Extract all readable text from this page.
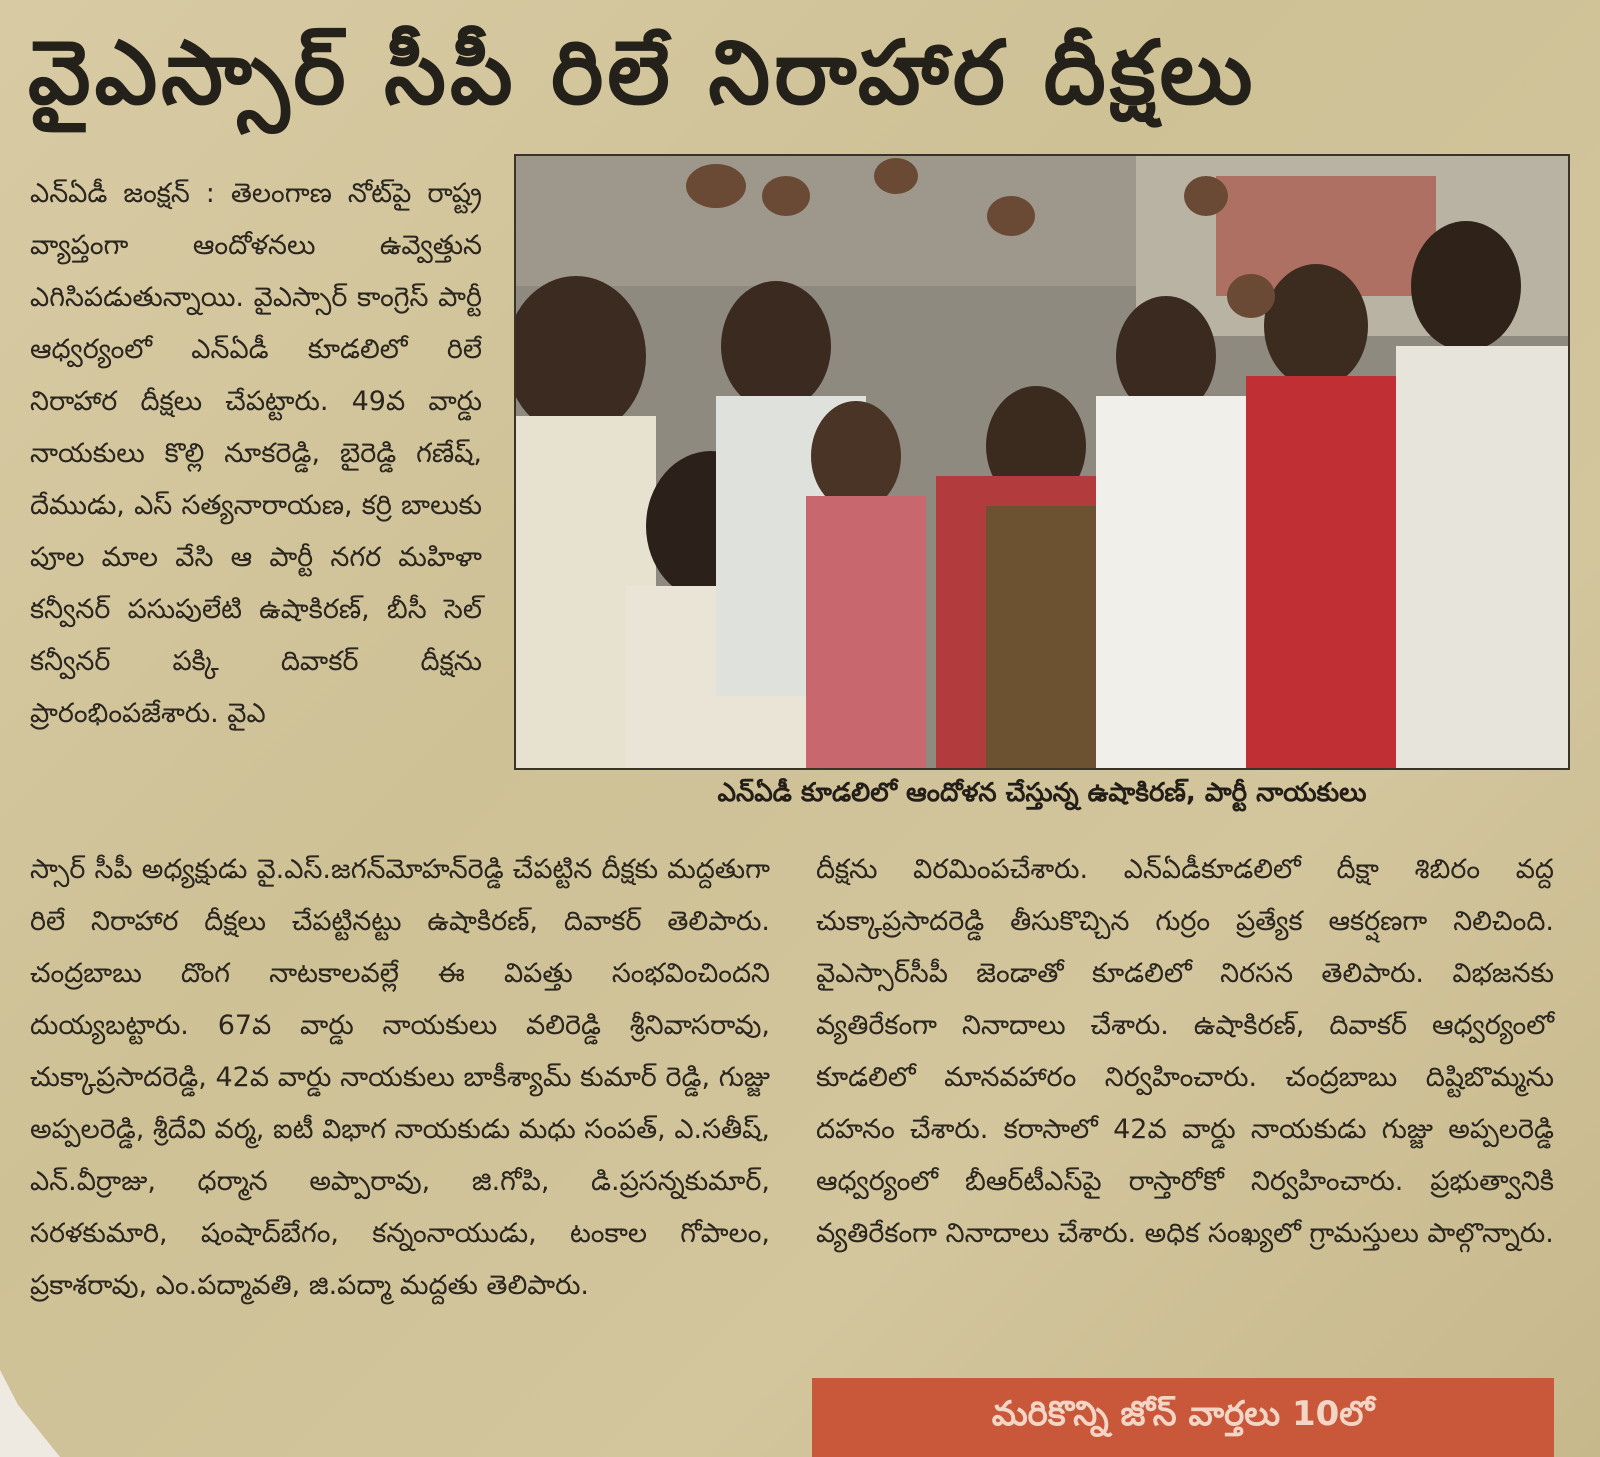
వైఎస్సార్ సీపీ రిలే నిరాహార దీక్షలు
ఎన్‌ఏడీ జంక్షన్ : తెలంగాణ నోట్‌పై రాష్ట్ర వ్యాప్తంగా ఆందోళనలు ఉవ్వెత్తున ఎగిసిపడుతున్నాయి. వైఎస్సార్ కాంగ్రెస్ పార్టీ ఆధ్వర్యంలో ఎన్‌ఏడీ కూడలిలో రిలే నిరాహార దీక్షలు చేపట్టారు. 49వ వార్డు నాయకులు కొల్లి నూకరెడ్డి, బైరెడ్డి గణేష్, దేముడు, ఎస్ సత్యనారాయణ, కర్రి బాలుకు పూల మాల వేసి ఆ పార్టీ నగర మహిళా కన్వీనర్ పసుపులేటి ఉషాకిరణ్, బీసీ సెల్ కన్వీనర్ పక్కి దివాకర్ దీక్షను ప్రారంభింపజేశారు. వైఎ
ఎన్‌ఏడీ కూడలిలో ఆందోళన చేస్తున్న ఉషాకిరణ్, పార్టీ నాయకులు
స్సార్ సీపీ అధ్యక్షుడు వై.ఎస్.జగన్‌మోహన్‌రెడ్డి చేపట్టిన దీక్షకు మద్దతుగా రిలే నిరాహార దీక్షలు చేపట్టినట్టు ఉషాకిరణ్, దివాకర్ తెలిపారు. చంద్రబాబు దొంగ నాటకాలవల్లే ఈ విపత్తు సంభవించిందని దుయ్యబట్టారు. 67వ వార్డు నాయకులు వలిరెడ్డి శ్రీనివాసరావు, చుక్కాప్రసాదరెడ్డి, 42వ వార్డు నాయకులు బాకీశ్యామ్ కుమార్ రెడ్డి, గుజ్జు అప్పలరెడ్డి, శ్రీదేవి వర్మ, ఐటీ విభాగ నాయకుడు మధు సంపత్, ఎ.సతీష్, ఎన్.వీర్రాజు, ధర్మాన అప్పారావు, జి.గోపి, డి.ప్రసన్నకుమార్, సరళకుమారి, షంషాద్‌బేగం, కన్నంనాయుడు, టంకాల గోపాలం, ప్రకాశరావు, ఎం.పద్మావతి, జి.పద్మా మద్దతు తెలిపారు.
దీక్షను విరమింపచేశారు. ఎన్‌ఏడీకూడలిలో దీక్షా శిబిరం వద్ద చుక్కాప్రసాదరెడ్డి తీసుకొచ్చిన గుర్రం ప్రత్యేక ఆకర్షణగా నిలిచింది. వైఎస్సార్‌సీపీ జెండాతో కూడలిలో నిరసన తెలిపారు. విభజనకు వ్యతిరేకంగా నినాదాలు చేశారు. ఉషాకిరణ్, దివాకర్ ఆధ్వర్యంలో కూడలిలో మానవహారం నిర్వహించారు. చంద్రబాబు దిష్టిబొమ్మను దహనం చేశారు. కరాసాలో 42వ వార్డు నాయకుడు గుజ్జు అప్పలరెడ్డి ఆధ్వర్యంలో బీఆర్‌టీఎస్‌పై రాస్తారోకో నిర్వహించారు. ప్రభుత్వానికి వ్యతిరేకంగా నినాదాలు చేశారు. అధిక సంఖ్యలో గ్రామస్తులు పాల్గొన్నారు.
మరికొన్ని జోన్ వార్తలు 10లో
